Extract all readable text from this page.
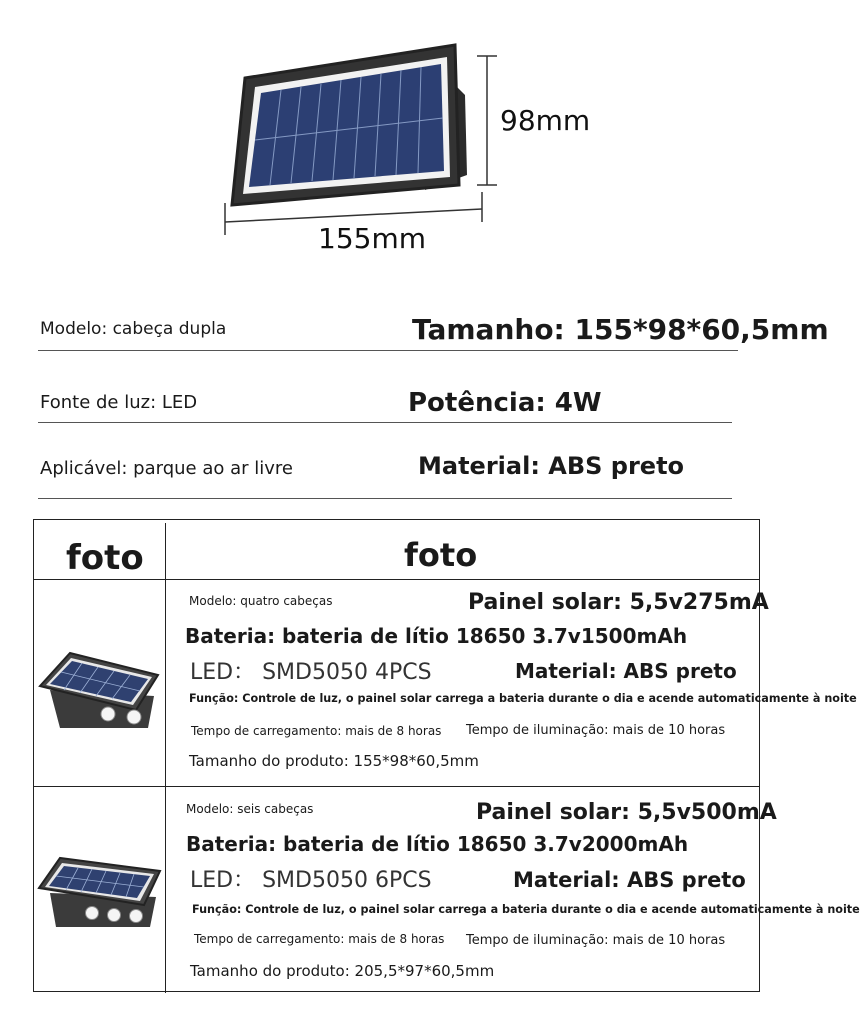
98mm
155mm
Modelo: cabeça dupla	Tamanho: 155*98*60,5mm
Fonte de luz: LED	Potência: 4W
Aplicável: parque ao ar livre	Material: ABS preto
foto	foto
Modelo: quatro cabeças	Painel solar: 5,5v275mA
Bateria: bateria de lítio 18650 3.7v1500mAh
LED： SMD5050 4PCS	Material: ABS preto
Função: Controle de luz, o painel solar carrega a bateria durante o dia e acende automaticamente à noite
Tempo de carregamento: mais de 8 horas Tempo de iluminação: mais de 10 horas
Tamanho do produto: 155*98*60,5mm
Modelo: seis cabeças	Painel solar: 5,5v500mA
Bateria: bateria de lítio 18650 3.7v2000mAh
LED： SMD5050 6PCS	Material: ABS preto
Função: Controle de luz, o painel solar carrega a bateria durante o dia e acende automaticamente à noite
Tempo de carregamento: mais de 8 horas Tempo de iluminação: mais de 10 horas
Tamanho do produto: 205,5*97*60,5mm
